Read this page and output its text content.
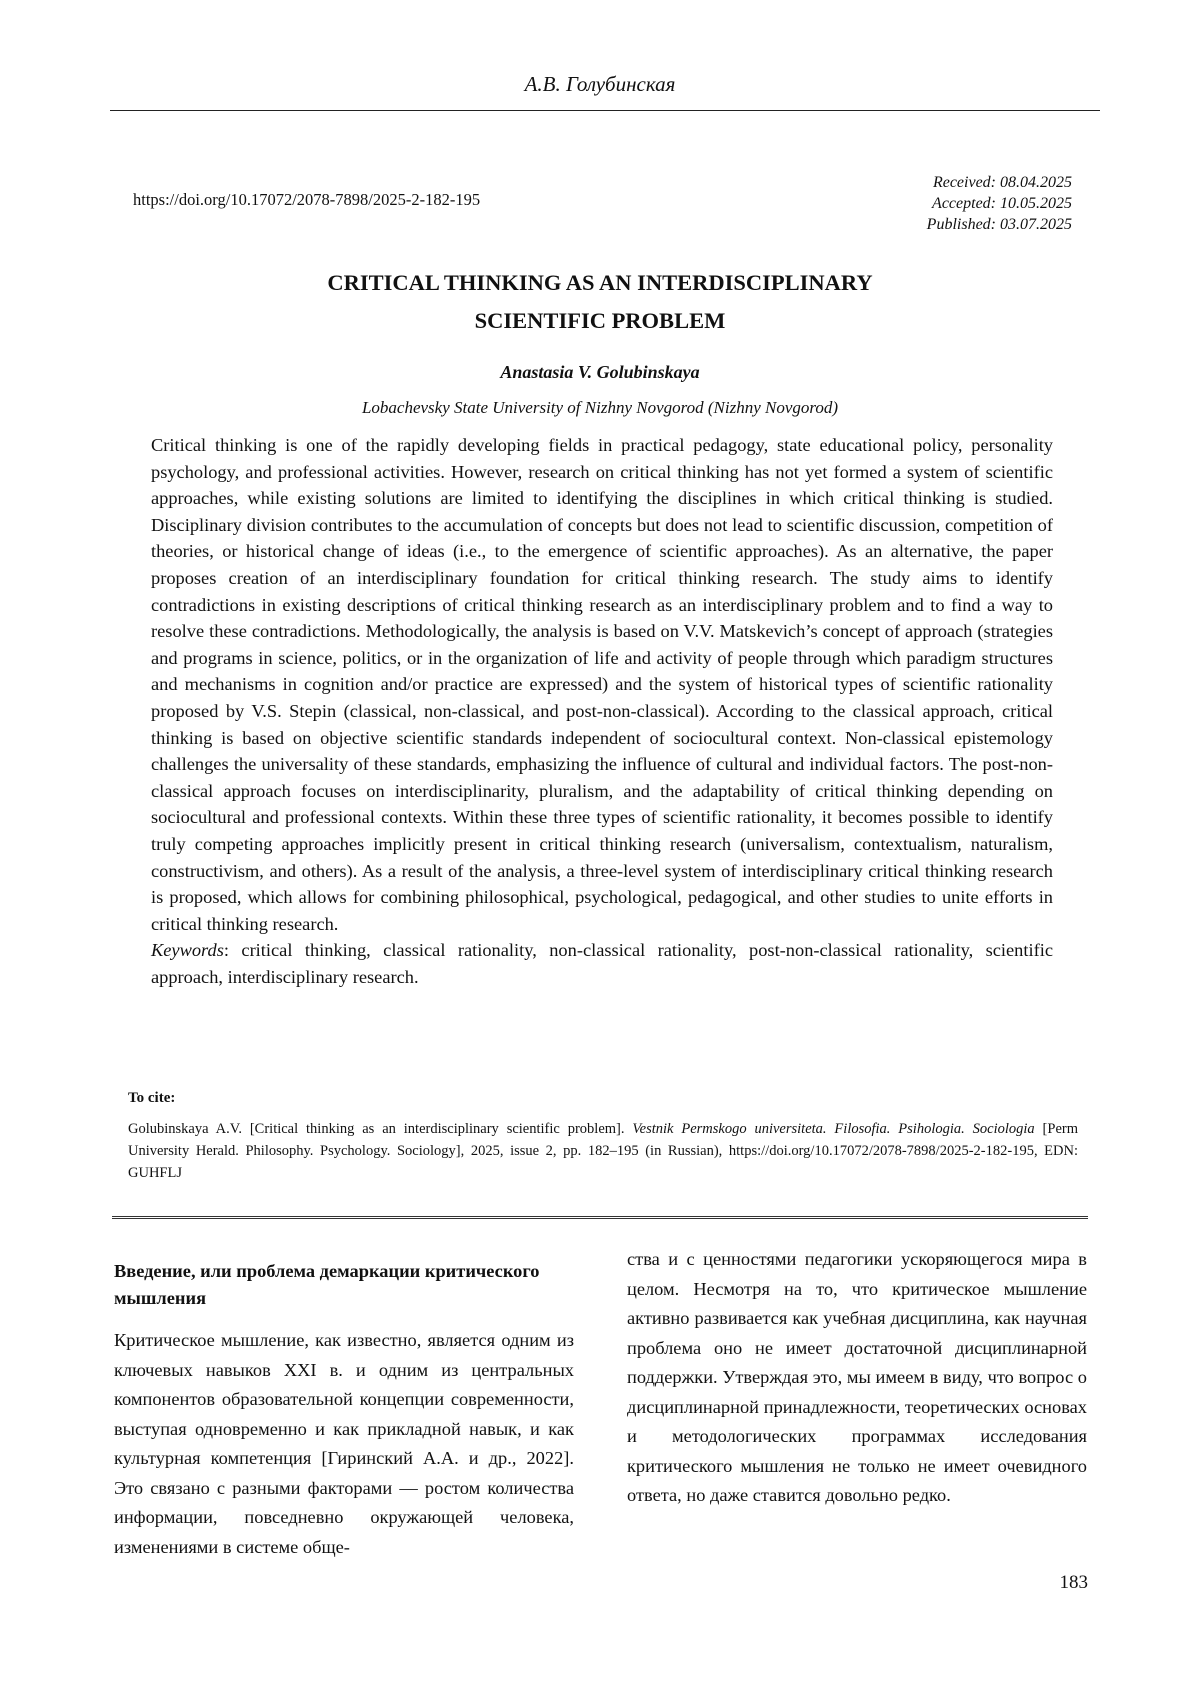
А.В. Голубинская
https://doi.org/10.17072/2078-7898/2025-2-182-195
Received: 08.04.2025
Accepted: 10.05.2025
Published: 03.07.2025
CRITICAL THINKING AS AN INTERDISCIPLINARY
SCIENTIFIC PROBLEM
Anastasia V. Golubinskaya
Lobachevsky State University of Nizhny Novgorod (Nizhny Novgorod)

Critical thinking is one of the rapidly developing fields in practical pedagogy, state educational policy, personality psychology, and professional activities. However, research on critical thinking has not yet formed a system of scientific approaches, while existing solutions are limited to identifying the disciplines in which critical thinking is studied. Disciplinary division contributes to the accumulation of concepts but does not lead to scientific discussion, competition of theories, or historical change of ideas (i.e., to the emergence of scientific approaches). As an alternative, the paper proposes creation of an interdisciplinary foundation for critical thinking research. The study aims to identify contradictions in existing descriptions of critical thinking research as an interdisciplinary problem and to find a way to resolve these contradictions. Methodologically, the analysis is based on V.V. Matskevich’s concept of approach (strategies and programs in science, politics, or in the organization of life and activity of people through which paradigm structures and mechanisms in cognition and/or practice are expressed) and the system of historical types of scientific rationality proposed by V.S. Stepin (classical, non-classical, and post-non-classical). According to the classical approach, critical thinking is based on objective scientific standards independent of sociocultural context. Non-classical epistemology challenges the universality of these standards, emphasizing the influence of cultural and individual factors. The post-non-classical approach focuses on interdisciplinarity, pluralism, and the adaptability of critical thinking depending on sociocultural and professional contexts. Within these three types of scientific rationality, it becomes possible to identify truly competing approaches implicitly present in critical thinking research (universalism, contextualism, naturalism, constructivism, and others). As a result of the analysis, a three-level system of interdisciplinary critical thinking research is proposed, which allows for combining philosophical, psychological, pedagogical, and other studies to unite efforts in critical thinking research.

Keywords: critical thinking, classical rationality, non-classical rationality, post-non-classical rationality, scientific approach, interdisciplinary research.

To cite:
Golubinskaya A.V. [Critical thinking as an interdisciplinary scientific problem]. Vestnik Permskogo universiteta. Filosofia. Psihologia. Sociologia [Perm University Herald. Philosophy. Psychology. Sociology], 2025, issue 2, pp. 182–195 (in Russian), https://doi.org/10.17072/2078-7898/2025-2-182-195, EDN: GUHFLJ
Введение, или проблема демаркации критического мышления

Критическое мышление, как известно, является одним из ключевых навыков XXI в. и одним из центральных компонентов образовательной концепции современности, выступая одновременно и как прикладной навык, и как культурная компетенция [Гиринский А.А. и др., 2022]. Это связано с разными факторами — ростом количества информации, повседневно окружающей человека, изменениями в системе обще-

ства и с ценностями педагогики ускоряющегося мира в целом. Несмотря на то, что критическое мышление активно развивается как учебная дисциплина, как научная проблема оно не имеет достаточной дисциплинарной поддержки. Утверждая это, мы имеем в виду, что вопрос о дисциплинарной принадлежности, теоретических основах и методологических программах исследования критического мышления не только не имеет очевидного ответа, но даже ставится довольно редко.

183
